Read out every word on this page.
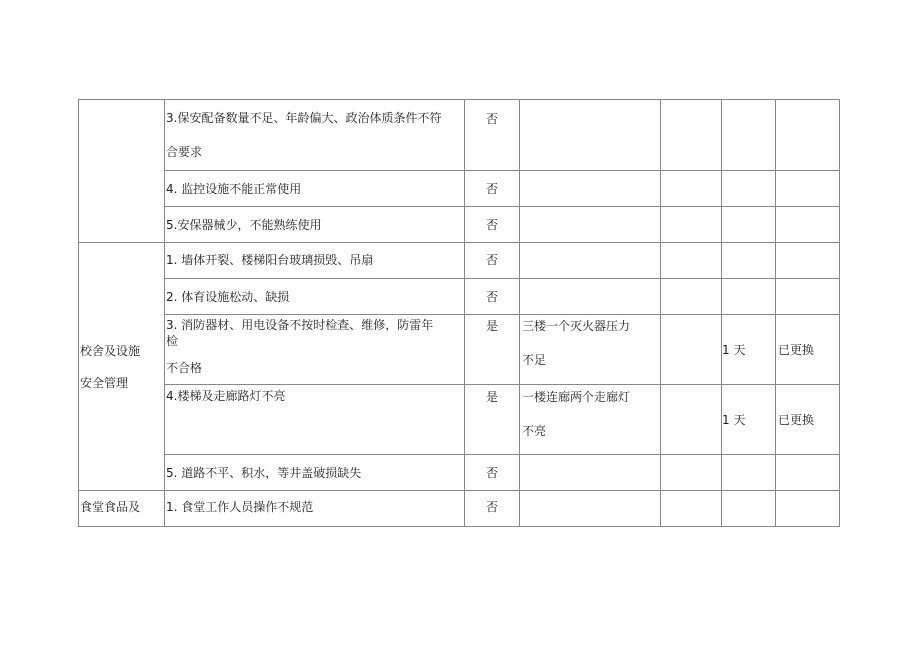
	3.保安配备数量不足、年龄偏大、政治体质条件不符
合要求	否				

	4. 监控设施不能正常使用	否				

	5.安保器械少，不能熟练使用	否				

校舍及设施
安全管理	1. 墙体开裂、楼梯阳台玻璃损毁、吊扇	否				

	2. 体育设施松动、缺损	否				

	3. 消防器材、用电设备不按时检查、维修，防雷年
检
不合格	是	三楼一个灭火器压力
不足		1 天	已更换

	4.楼梯及走廊路灯不亮	是	一楼连廊两个走廊灯
不亮		1 天	已更换

	5. 道路不平、积水，等井盖破损缺失	否				

食堂食品及	1. 食堂工作人员操作不规范	否				
